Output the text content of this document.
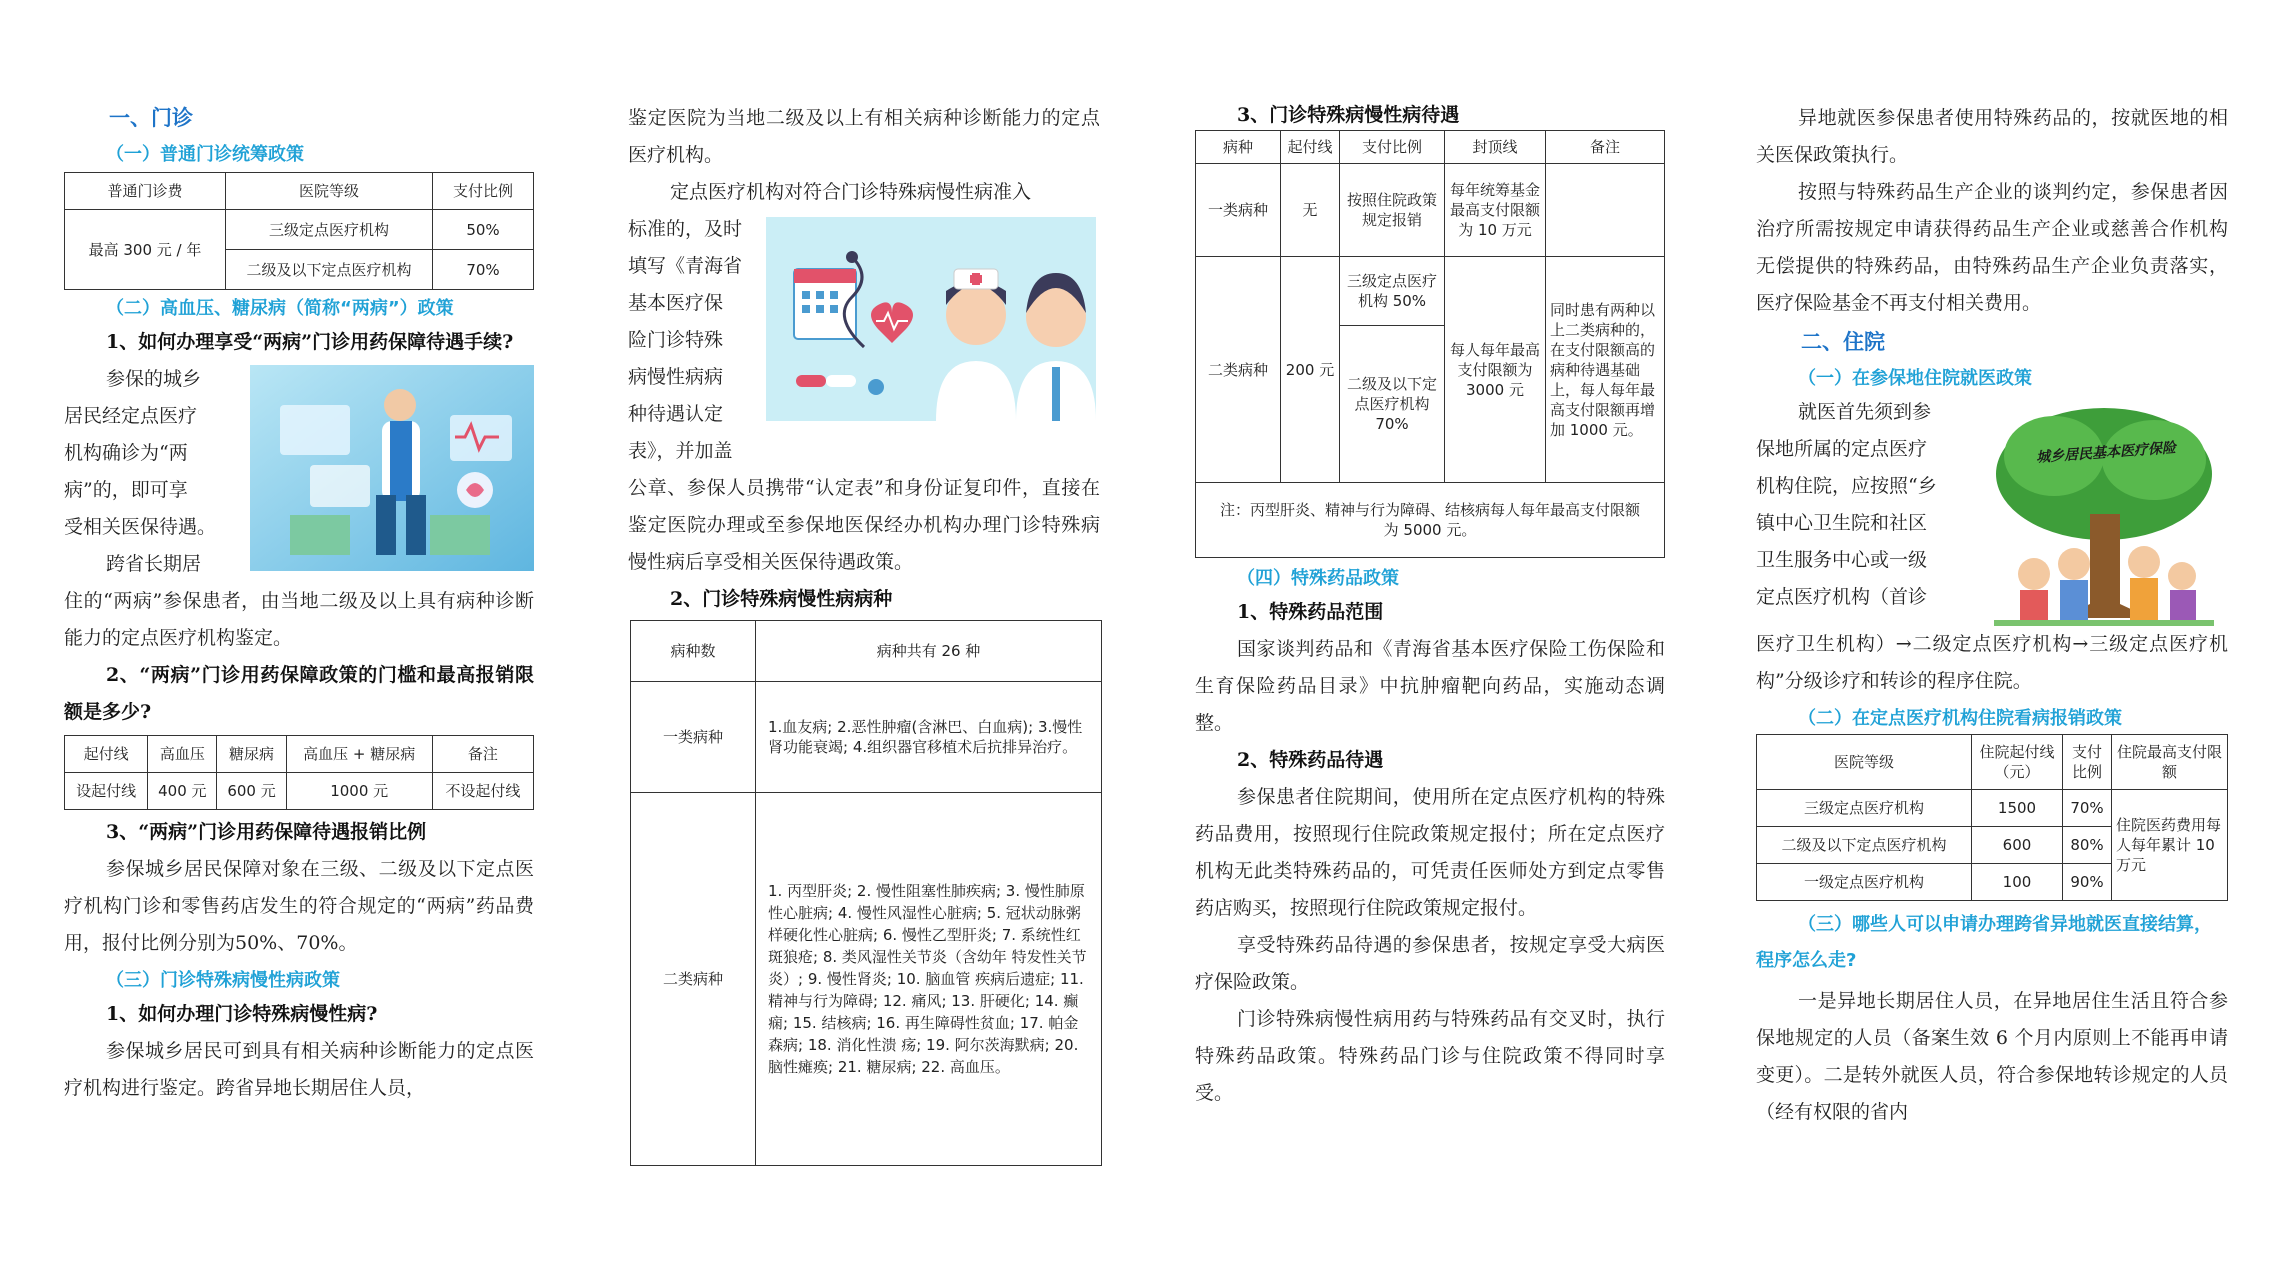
一、门诊
（一）普通门诊统筹政策
普通门诊费	医院等级	支付比例
最高 300 元 / 年	三级定点医疗机构	50%
	二级及以下定点医疗机构	70%
（二）高血压、糖尿病（简称“两病”）政策

1、如何办理享受“两病”门诊用药保障待遇手续?

参保的城乡

居民经定点医疗

机构确诊为“两

病”的，即可享

受相关医保待遇。

跨省长期居

住的“两病”参保患者，由当地二级及以上具有病种诊断能力的定点医疗机构鉴定。

2、“两病”门诊用药保障政策的门槛和最高报销限额是多少?

起付线	高血压	糖尿病	高血压 + 糖尿病	备注
设起付线	400 元	600 元	1000 元	不设起付线

3、“两病”门诊用药保障待遇报销比例

参保城乡居民保障对象在三级、二级及以下定点医疗机构门诊和零售药店发生的符合规定的“两病”药品费用，报付比例分别为50%、70%。

（三）门诊特殊病慢性病政策

1、如何办理门诊特殊病慢性病?

参保城乡居民可到具有相关病种诊断能力的定点医疗机构进行鉴定。跨省异地长期居住人员，

鉴定医院为当地二级及以上有相关病种诊断能力的定点医疗机构。

定点医疗机构对符合门诊特殊病慢性病准入

标准的，及时

填写《青海省

基本医疗保

险门诊特殊

病慢性病病

种待遇认定

表》，并加盖

公章、参保人员携带“认定表”和身份证复印件，直接在鉴定医院办理或至参保地医保经办机构办理门诊特殊病慢性病后享受相关医保待遇政策。

2、门诊特殊病慢性病病种

病种数	病种共有 26 种
一类病种	1.血友病; 2.恶性肿瘤(含淋巴、白血病); 3.慢性肾功能衰竭; 4.组织器官移植术后抗排异治疗。
二类病种	1. 丙型肝炎; 2. 慢性阻塞性肺疾病; 3. 慢性肺原性心脏病; 4. 慢性风湿性心脏病; 5. 冠状动脉粥样硬化性心脏病; 6. 慢性乙型肝炎; 7. 系统性红斑狼疮; 8. 类风湿性关节炎（含幼年 特发性关节炎）; 9. 慢性肾炎; 10. 脑血管 疾病后遗症; 11. 精神与行为障碍; 12. 痛风; 13. 肝硬化; 14. 癫痫; 15. 结核病; 16. 再生障碍性贫血; 17. 帕金森病; 18. 消化性溃 疡; 19. 阿尔茨海默病; 20. 脑性瘫痪; 21. 糖尿病; 22. 高血压。

3、门诊特殊病慢性病待遇

病种	起付线	支付比例	封顶线	备注
一类病种	无	按照住院政策规定报销	每年统筹基金最高支付限额为 10 万元	
二类病种	200 元	三级定点医疗机构 50%	每人每年最高支付限额为 3000 元	同时患有两种以上二类病种的，在支付限额高的病种待遇基础上，每人每年最高支付限额再增加 1000 元。
		二级及以下定点医疗机构 70%		
注：丙型肝炎、精神与行为障碍、结核病每人每年最高支付限额为 5000 元。				
（四）特殊药品政策

1、特殊药品范围

国家谈判药品和《青海省基本医疗保险工伤保险和生育保险药品目录》中抗肿瘤靶向药品，实施动态调整。

2、特殊药品待遇

参保患者住院期间，使用所在定点医疗机构的特殊药品费用，按照现行住院政策规定报付；所在定点医疗机构无此类特殊药品的，可凭责任医师处方到定点零售药店购买，按照现行住院政策规定报付。

享受特殊药品待遇的参保患者，按规定享受大病医疗保险政策。

门诊特殊病慢性病用药与特殊药品有交叉时，执行特殊药品政策。特殊药品门诊与住院政策不得同时享受。

异地就医参保患者使用特殊药品的，按就医地的相关医保政策执行。

按照与特殊药品生产企业的谈判约定，参保患者因治疗所需按规定申请获得药品生产企业或慈善合作机构无偿提供的特殊药品，由特殊药品生产企业负责落实，医疗保险基金不再支付相关费用。

二、住院
（一）在参保地住院就医政策

就医首先须到参

保地所属的定点医疗

机构住院，应按照“乡

镇中心卫生院和社区

卫生服务中心或一级

定点医疗机构（首诊

城乡居民基本医疗保险

医疗卫生机构）→二级定点医疗机构→三级定点医疗机构”分级诊疗和转诊的程序住院。

（二）在定点医疗机构住院看病报销政策
医院等级	住院起付线（元）	支付比例	住院最高支付限额
三级定点医疗机构	1500	70%	住院医药费用每人每年累计 10 万元
二级及以下定点医疗机构	600	80%	
一级定点医疗机构	100	90%	
（三）哪些人可以申请办理跨省异地就医直接结算，程序怎么走?

一是异地长期居住人员，在异地居住生活且符合参保地规定的人员（备案生效 6 个月内原则上不能再申请变更）。二是转外就医人员，符合参保地转诊规定的人员（经有权限的省内
